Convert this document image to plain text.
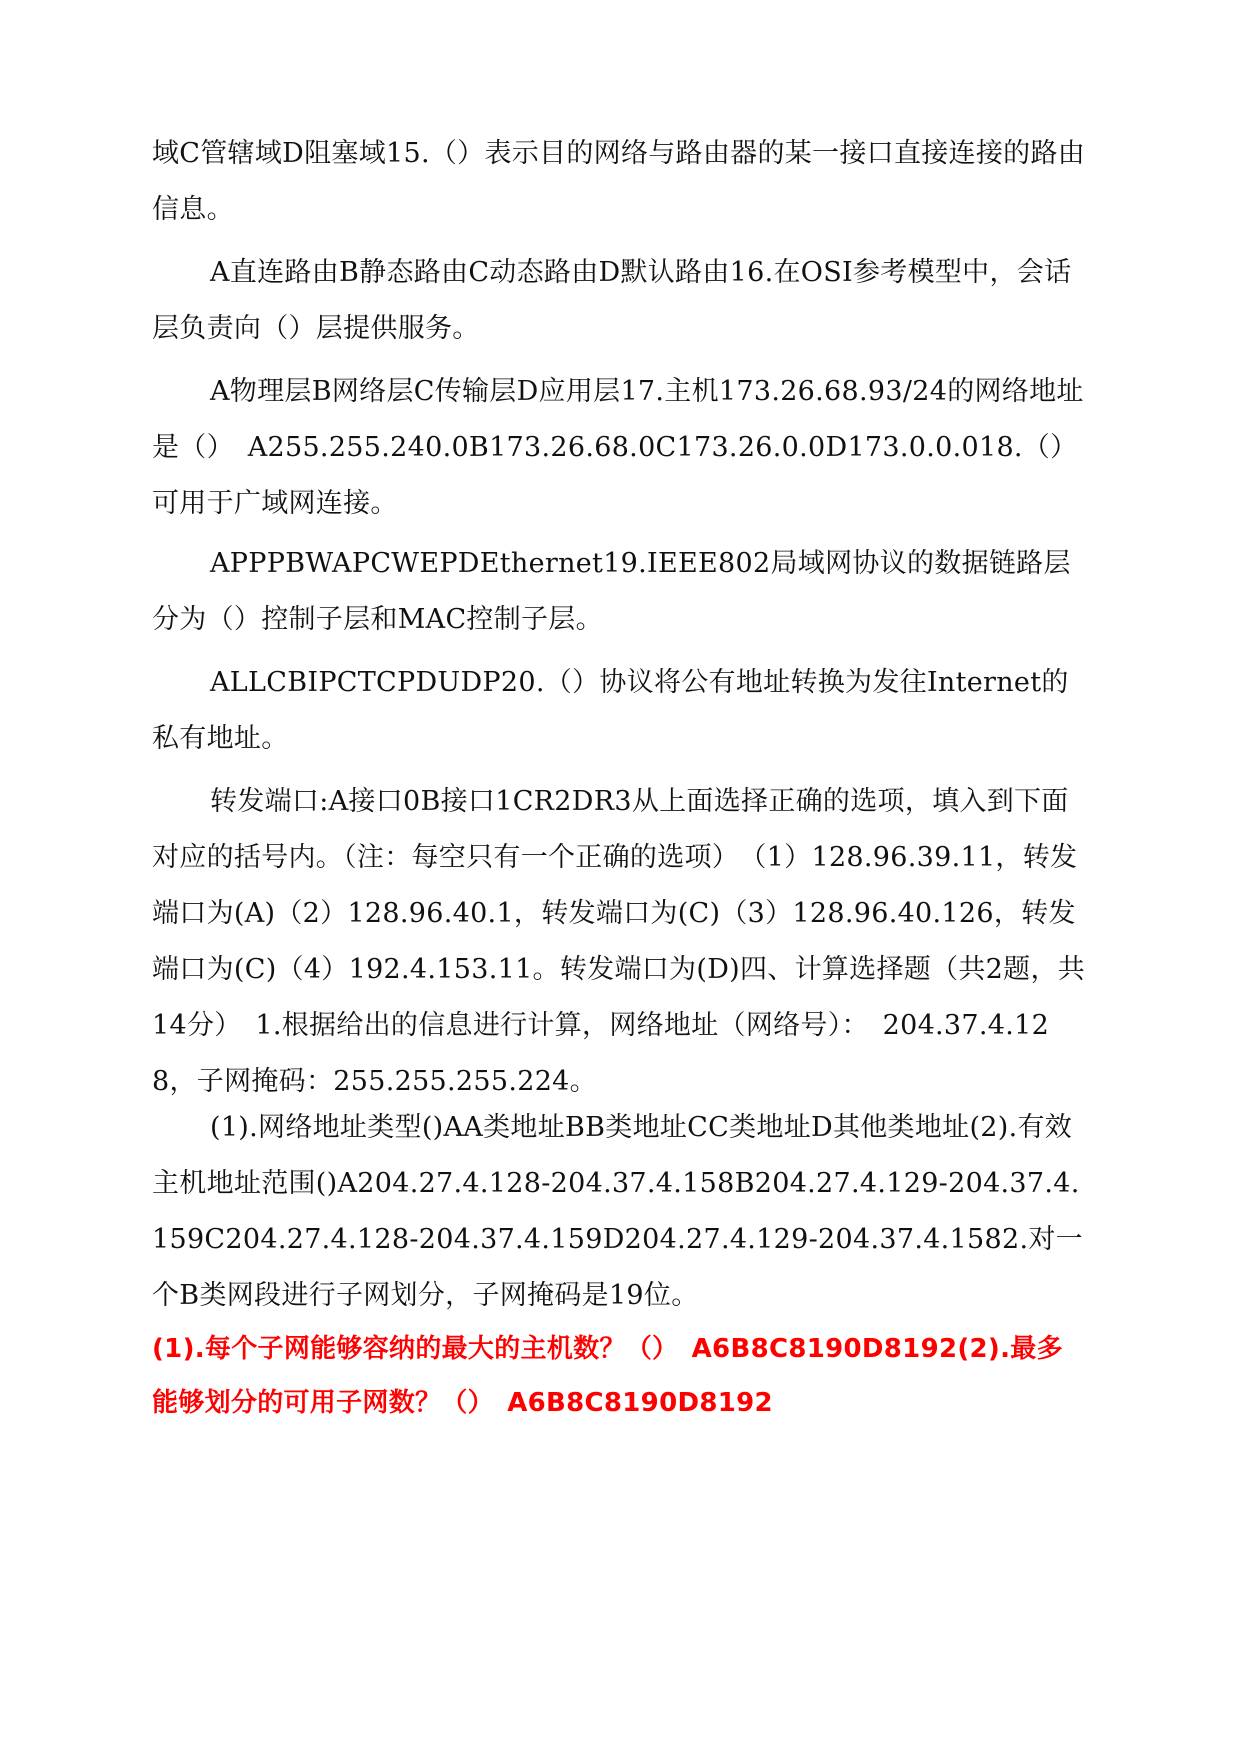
域C管辖域D阻塞域15.（）表示目的网络与路由器的某一接口直接连接的路由信息。

A直连路由B静态路由C动态路由D默认路由16.在OSI参考模型中，会话层负责向（）层提供服务。

A物理层B网络层C传输层D应用层17.主机173.26.68.93/24的网络地址是（）　A255.255.240.0B173.26.68.0C173.26.0.0D173.0.0.018.（）可用于广域网连接。

APPPBWAPCWEPDEthernet19.IEEE802局域网协议的数据链路层分为（）控制子层和MAC控制子层。

ALLCBIPCTCPDUDP20.（）协议将公有地址转换为发往Internet的私有地址。

转发端口:A接口0B接口1CR2DR3从上面选择正确的选项，填入到下面对应的括号内。（注：每空只有一个正确的选项）　（1）128.96.39.11，转发端口为(A)（2）128.96.40.1，转发端口为(C)（3）128.96.40.126，转发端口为(C)（4）192.4.153.11。转发端口为(D)四、计算选择题（共2题，共14分）　1.根据给出的信息进行计算，网络地址（网络号）：　204.37.4.128，子网掩码：255.255.255.224。

(1).网络地址类型()AA类地址BB类地址CC类地址D其他类地址(2).有效主机地址范围()A204.27.4.128-204.37.4.158B204.27.4.129-204.37.4.159C204.27.4.128-204.37.4.159D204.27.4.129-204.37.4.1582.对一个B类网段进行子网划分，子网掩码是19位。

(1).每个子网能够容纳的最大的主机数？（）　A6B8C8190D8192(2).最多能够划分的可用子网数？（）　A6B8C8190D8192
